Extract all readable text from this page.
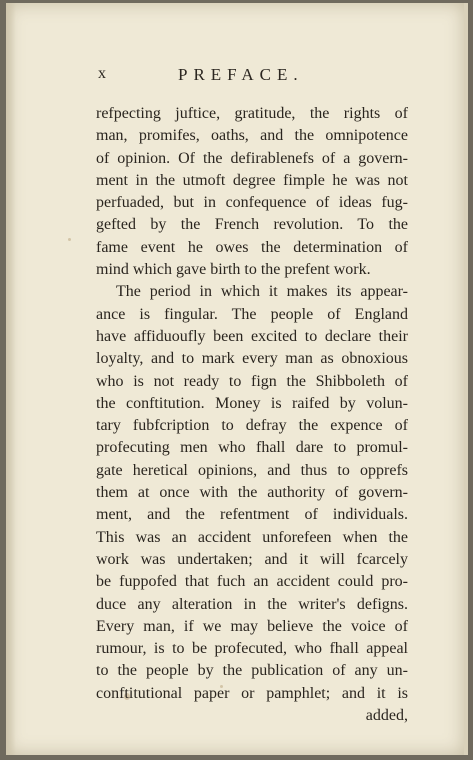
x	PREFACE.
refpecting juftice, gratitude, the rights of
man, promifes, oaths, and the omnipotence
of opinion. Of the defirablenefs of a govern-
ment in the utmoft degree fimple he was not
perfuaded, but in confequence of ideas fug-
gefted by the French revolution. To the
fame event he owes the determination of
mind which gave birth to the prefent work.
The period in which it makes its appear-
ance is fingular. The people of England
have affiduoufly been excited to declare their
loyalty, and to mark every man as obnoxious
who is not ready to fign the Shibboleth of
the conftitution. Money is raifed by volun-
tary fubfcription to defray the expence of
profecuting men who fhall dare to promul-
gate heretical opinions, and thus to opprefs
them at once with the authority of govern-
ment, and the refentment of individuals.
This was an accident unforefeen when the
work was undertaken; and it will fcarcely
be fuppofed that fuch an accident could pro-
duce any alteration in the writer's defigns.
Every man, if we may believe the voice of
rumour, is to be profecuted, who fhall appeal
to the people by the publication of any un-
conftitutional paper or pamphlet; and it is
added,
